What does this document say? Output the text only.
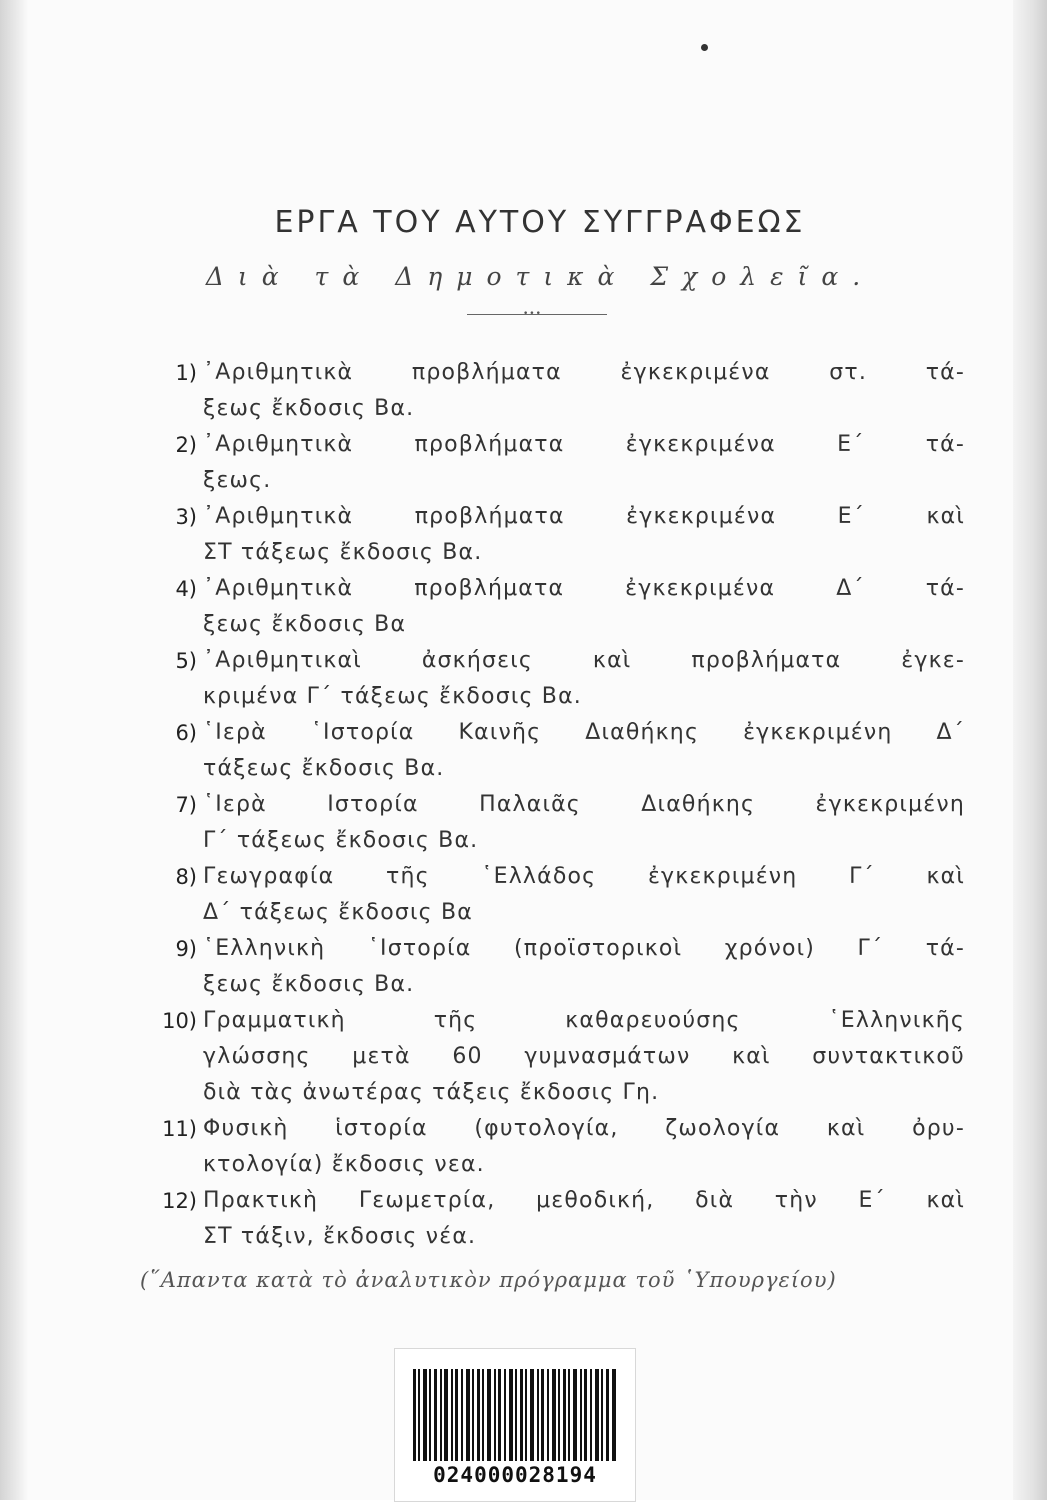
ΕΡΓΑ ΤΟΥ ΑΥΤΟΥ ΣΥΓΓΡΑΦΕΩΣ
Διὰ τὰ Δημοτικὰ Σχολεῖα.
•••
1) ᾿Αριθμητικὰ προβλήματα ἐγκεκριμένα στ. τά-
ξεως ἔκδοσις Βα.
2) ᾿Αριθμητικὰ προβλήματα ἐγκεκριμένα Ε΄ τά-
ξεως.
3) ᾿Αριθμητικὰ προβλήματα ἐγκεκριμένα Ε΄ καὶ
ΣΤ τάξεως ἔκδοσις Βα.
4) ᾿Αριθμητικὰ προβλήματα ἐγκεκριμένα Δ΄ τά-
ξεως ἔκδοσις Βα
5) ᾿Αριθμητικαὶ ἀσκήσεις καὶ προβλήματα ἐγκε-
κριμένα Γ΄ τάξεως ἔκδοσις Βα.
6) ῾Ιερὰ ῾Ιστορία Καινῆς Διαθήκης ἐγκεκριμένη Δ΄
τάξεως ἔκδοσις Βα.
7) ῾Ιερὰ Ιστορία Παλαιᾶς Διαθήκης ἐγκεκριμένη
Γ΄ τάξεως ἔκδοσις Βα.
8) Γεωγραφία τῆς ῾Ελλάδος ἐγκεκριμένη Γ΄ καὶ
Δ΄ τάξεως ἔκδοσις Βα
9) ῾Ελληνικὴ ῾Ιστορία (προϊστορικοὶ χρόνοι) Γ΄ τά-
ξεως ἔκδοσις Βα.
10) Γραμματικὴ τῆς καθαρευούσης ῾Ελληνικῆς
γλώσσης μετὰ 60 γυμνασμάτων καὶ συντακτικοῦ
διὰ τὰς ἀνωτέρας τάξεις ἔκδοσις Γη.
11) Φυσικὴ ἱστορία (φυτολογία, ζωολογία καὶ ὀρυ-
κτολογία) ἔκδοσις νεα.
12) Πρακτικὴ Γεωμετρία, μεθοδική, διὰ τὴν Ε΄ καὶ
ΣΤ τάξιν, ἔκδοσις νέα.
(῞Απαντα κατὰ τὸ ἀναλυτικὸν πρόγραμμα τοῦ ῾Υπουργείου)
024000028194
